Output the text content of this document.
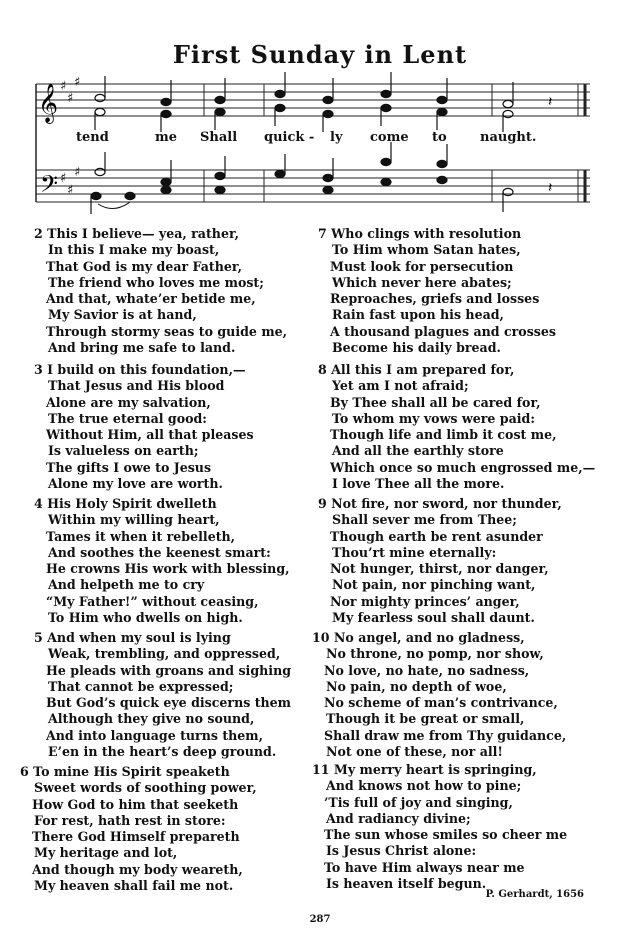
First Sunday in Lent
𝄞
𝄢
♯
♯
♯
♯
♯
♯
𝄽
𝄽
tend	me Shall quick - ly come to	naught.
2 This I believe— yea, rather,
In this I make my boast,
That God is my dear Father,
The friend who loves me most;
And that, whate’er betide me,
My Savior is at hand,
Through stormy seas to guide me,
And bring me safe to land.
3 I build on this foundation,—
That Jesus and His blood
Alone are my salvation,
The true eternal good:
Without Him, all that pleases
Is valueless on earth;
The gifts I owe to Jesus
Alone my love are worth.
4 His Holy Spirit dwelleth
Within my willing heart,
Tames it when it rebelleth,
And soothes the keenest smart:
He crowns His work with blessing,
And helpeth me to cry
“My Father!” without ceasing,
To Him who dwells on high.
5 And when my soul is lying
Weak, trembling, and oppressed,
He pleads with groans and sighing
That cannot be expressed;
But God’s quick eye discerns them
Although they give no sound,
And into language turns them,
E’en in the heart’s deep ground.
6 To mine His Spirit speaketh
Sweet words of soothing power,
How God to him that seeketh
For rest, hath rest in store:
There God Himself prepareth
My heritage and lot,
And though my body weareth,
My heaven shall fail me not.
7 Who clings with resolution
To Him whom Satan hates,
Must look for persecution
Which never here abates;
Reproaches, griefs and losses
Rain fast upon his head,
A thousand plagues and crosses
Become his daily bread.
8 All this I am prepared for,
Yet am I not afraid;
By Thee shall all be cared for,
To whom my vows were paid:
Though life and limb it cost me,
And all the earthly store
Which once so much engrossed me,—
I love Thee all the more.
9 Not fire, nor sword, nor thunder,
Shall sever me from Thee;
Though earth be rent asunder
Thou’rt mine eternally:
Not hunger, thirst, nor danger,
Not pain, nor pinching want,
Nor mighty princes’ anger,
My fearless soul shall daunt.
10 No angel, and no gladness,
No throne, no pomp, nor show,
No love, no hate, no sadness,
No pain, no depth of woe,
No scheme of man’s contrivance,
Though it be great or small,
Shall draw me from Thy guidance,
Not one of these, nor all!
11 My merry heart is springing,
And knows not how to pine;
’Tis full of joy and singing,
And radiancy divine;
The sun whose smiles so cheer me
Is Jesus Christ alone:
To have Him always near me
Is heaven itself begun.
P. Gerhardt, 1656
287
